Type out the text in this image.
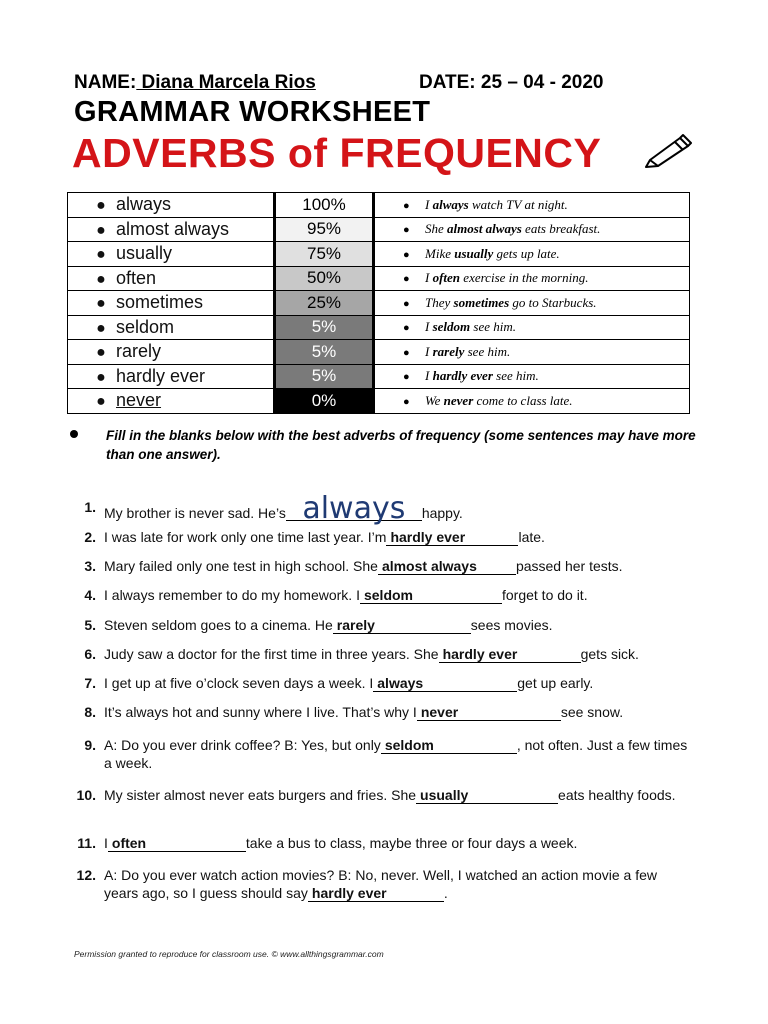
NAME: Diana Marcela Rios	DATE: 25 – 04 - 2020
GRAMMAR WORKSHEET
ADVERBS of FREQUENCY
● always	100%	● I always watch TV at night.
● almost always	95%	● She almost always eats breakfast.
● usually	75%	● Mike usually gets up late.
● often	50%	● I often exercise in the morning.
● sometimes	25%	● They sometimes go to Starbucks.
● seldom	5%	● I seldom see him.
● rarely	5%	● I rarely see him.
● hardly ever	5%	● I hardly ever see him.
● never	0%	● We never come to class late.
Fill in the blanks below with the best adverbs of frequency (some sentences may have more than one answer).
1. My brother is never sad. He’s always happy.
2. I was late for work only one time last year. I’m hardly ever	late.
3. Mary failed only one test in high school. She almost always	passed her tests.
4. I always remember to do my homework. I seldom	forget to do it.
5. Steven seldom goes to a cinema. He rarely	sees movies.
6. Judy saw a doctor for the first time in three years. She hardly ever	gets sick.
7. I get up at five o’clock seven days a week. I always	get up early.
8. It’s always hot and sunny where I live. That’s why I never	see snow.
9. A: Do you ever drink coffee? B: Yes, but only seldom	, not often. Just a few times a week.
10. My sister almost never eats burgers and fries. She usually	eats healthy foods.
11. I often	take a bus to class, maybe three or four days a week.
12. A: Do you ever watch action movies? B: No, never. Well, I watched an action movie a few years ago, so I guess should say hardly ever	.
Permission granted to reproduce for classroom use. © www.allthingsgrammar.com
